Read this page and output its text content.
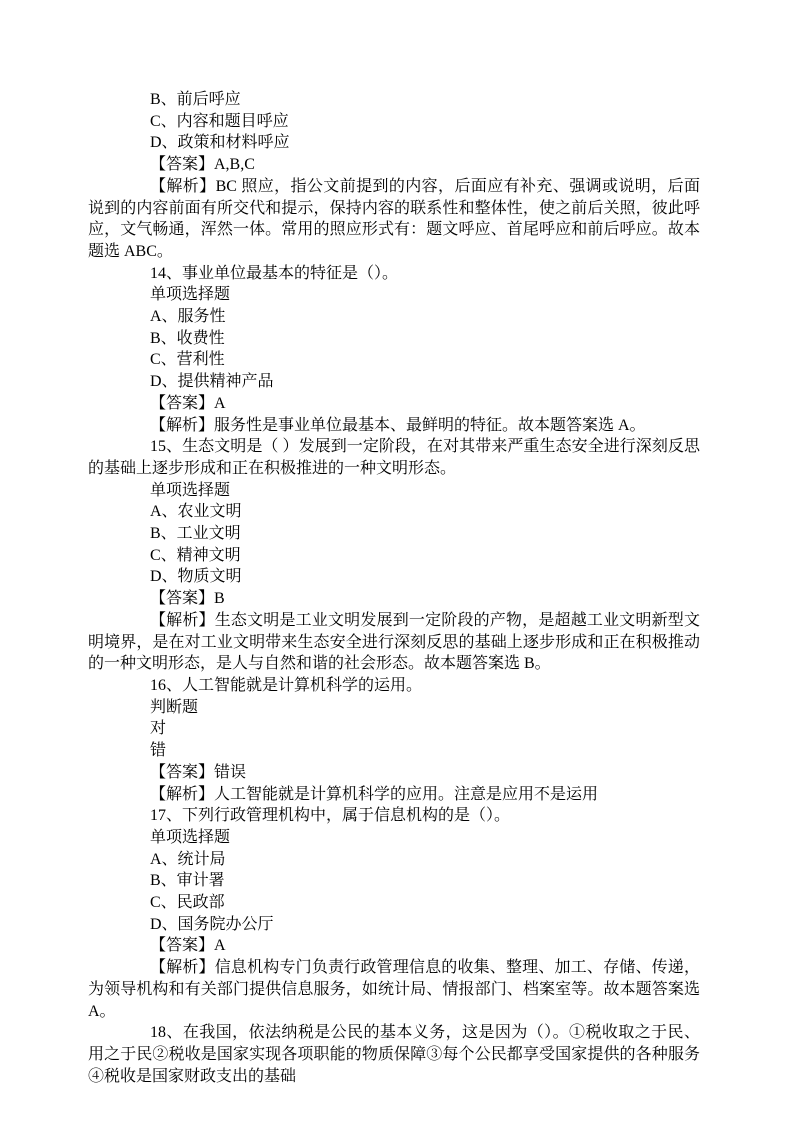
B、前后呼应

C、内容和题目呼应

D、政策和材料呼应

【答案】A,B,C

【解析】BC 照应，指公文前提到的内容，后面应有补充、强调或说明，后面说到的内容前面有所交代和提示，保持内容的联系性和整体性，使之前后关照，彼此呼应，文气畅通，浑然一体。常用的照应形式有：题文呼应、首尾呼应和前后呼应。故本题选 ABC。

14、事业单位最基本的特征是（）。

单项选择题

A、服务性

B、收费性

C、营利性

D、提供精神产品

【答案】A

【解析】服务性是事业单位最基本、最鲜明的特征。故本题答案选 A。

15、生态文明是（ ）发展到一定阶段，在对其带来严重生态安全进行深刻反思的基础上逐步形成和正在积极推进的一种文明形态。

单项选择题

A、农业文明

B、工业文明

C、精神文明

D、物质文明

【答案】B

【解析】生态文明是工业文明发展到一定阶段的产物，是超越工业文明新型文明境界，是在对工业文明带来生态安全进行深刻反思的基础上逐步形成和正在积极推动的一种文明形态，是人与自然和谐的社会形态。故本题答案选 B。

16、人工智能就是计算机科学的运用。

判断题

对

错

【答案】错误

【解析】人工智能就是计算机科学的应用。注意是应用不是运用

17、下列行政管理机构中，属于信息机构的是（）。

单项选择题

A、统计局

B、审计署

C、民政部

D、国务院办公厅

【答案】A

【解析】信息机构专门负责行政管理信息的收集、整理、加工、存储、传递，为领导机构和有关部门提供信息服务，如统计局、情报部门、档案室等。故本题答案选 A。

18、在我国，依法纳税是公民的基本义务，这是因为（）。①税收取之于民、用之于民②税收是国家实现各项职能的物质保障③每个公民都享受国家提供的各种服务④税收是国家财政支出的基础
